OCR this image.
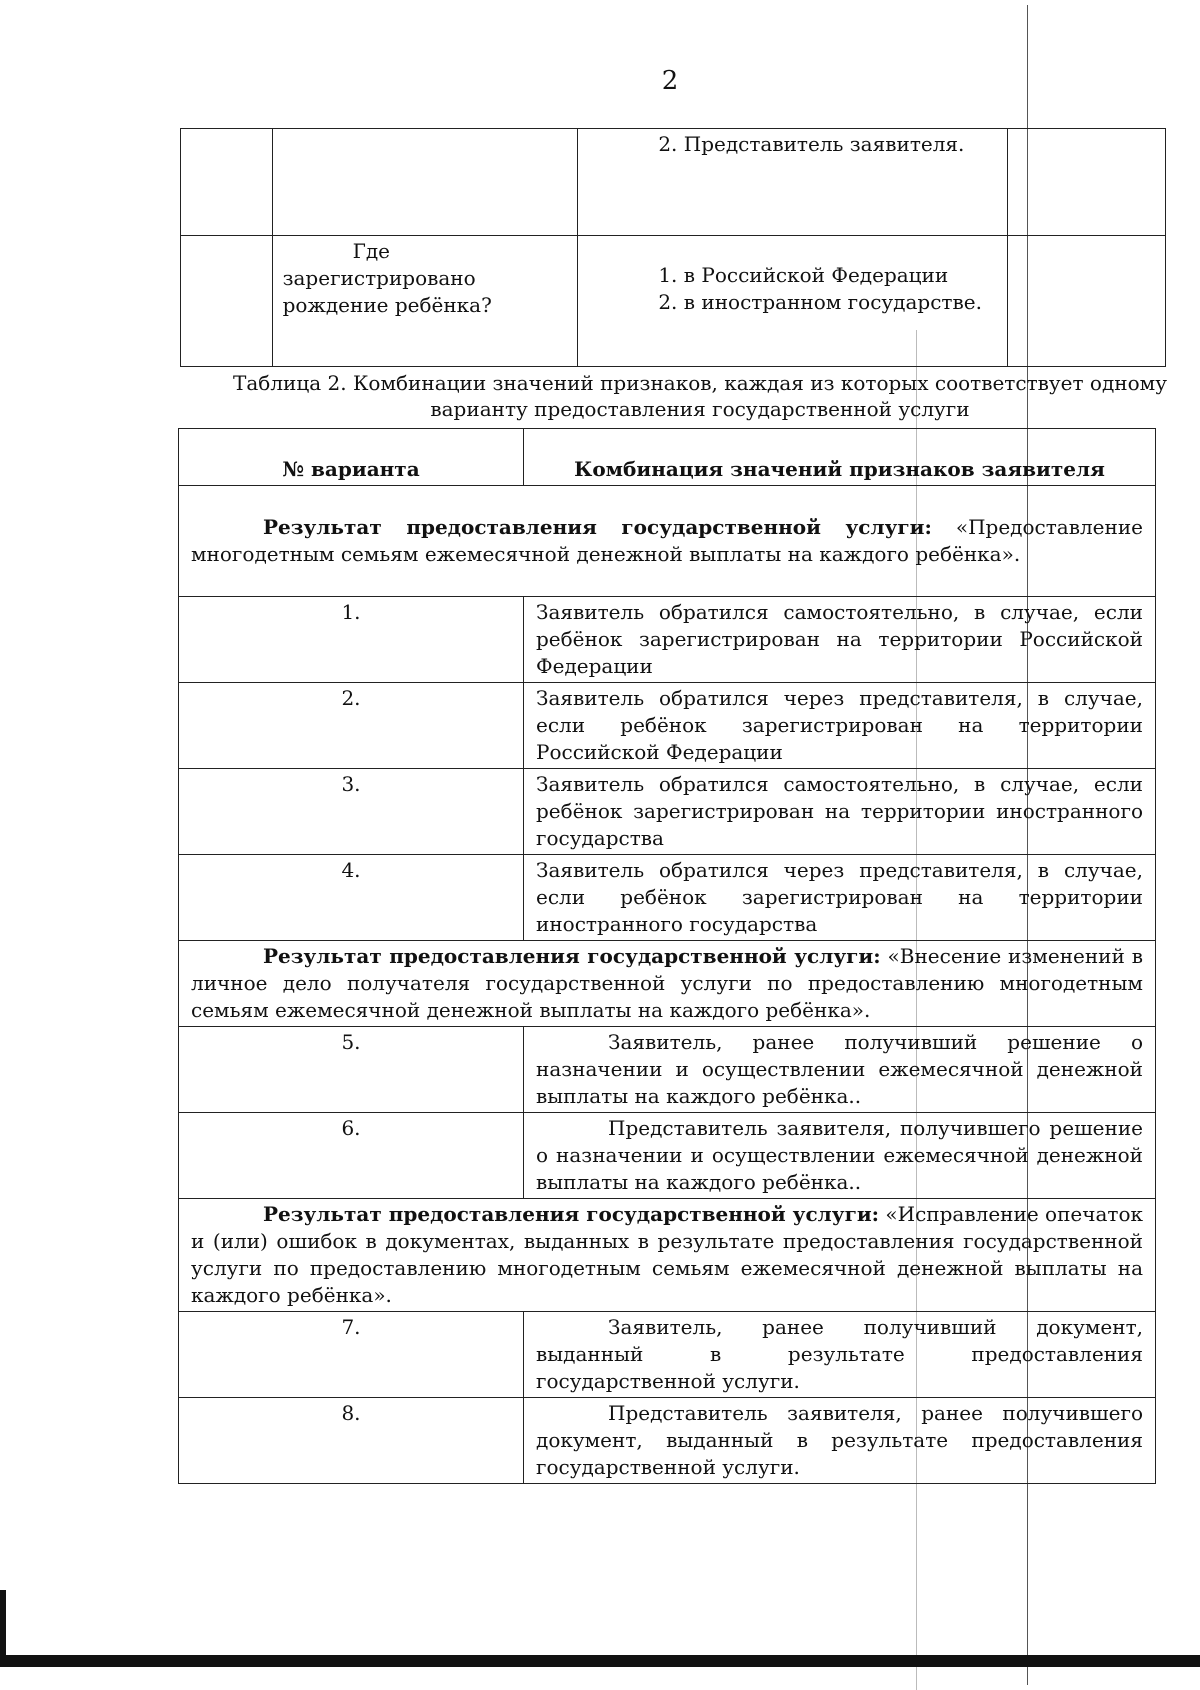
2

		2. Представитель заявителя.	

	Где зарегистрировано рождение ребёнка?	1. в Российской Федерации
2. в иностранном государстве.	

Таблица 2. Комбинации значений признаков, каждая из которых соответствует одному варианту предоставления государственной услуги
№ варианта	Комбинация значений признаков заявителя
Результат предоставления государственной услуги: «Предоставление многодетным семьям ежемесячной денежной выплаты на каждого ребёнка».	
1.	Заявитель обратился самостоятельно, в случае, если ребёнок зарегистрирован на территории Российской Федерации

2.	Заявитель обратился через представителя, в случае, если ребёнок зарегистрирован на территории Российской Федерации

3.	Заявитель обратился самостоятельно, в случае, если ребёнок зарегистрирован на территории иностранного государства

4.	Заявитель обратился через представителя, в случае, если ребёнок зарегистрирован на территории иностранного государства

Результат предоставления государственной услуги: «Внесение изменений в личное дело получателя государственной услуги по предоставлению многодетным семьям ежемесячной денежной выплаты на каждого ребёнка».	
5.	Заявитель, ранее получивший решение о назначении и осуществлении ежемесячной денежной выплаты на каждого ребёнка..

6.	Представитель заявителя, получившего решение о назначении и осуществлении ежемесячной денежной выплаты на каждого ребёнка..

Результат предоставления государственной услуги: «Исправление опечаток и (или) ошибок в документах, выданных в результате предоставления государственной услуги по предоставлению многодетным семьям ежемесячной денежной выплаты на каждого ребёнка».	
7.	Заявитель, ранее получивший документ, выданный в результате предоставления государственной услуги.

8.	Представитель заявителя, ранее получившего документ, выданный в результате предоставления государственной услуги.
